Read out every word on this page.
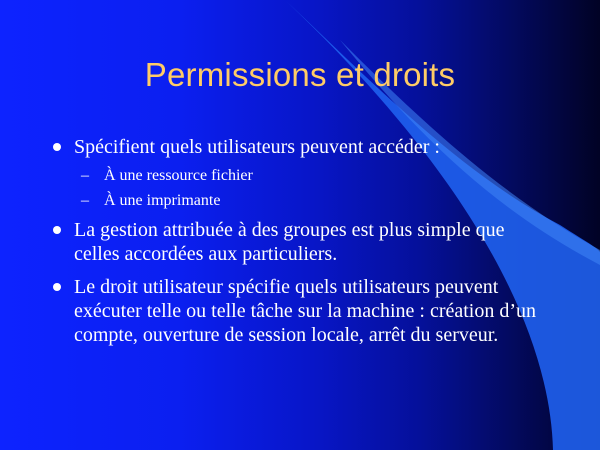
Permissions et droits
Spécifient quels utilisateurs peuvent accéder :
– À une ressource fichier
– À une imprimante
La gestion attribuée à des groupes est plus simple que celles accordées aux particuliers.
Le droit utilisateur spécifie quels utilisateurs peuvent exécuter telle ou telle tâche sur la machine : création d’un compte, ouverture de session locale, arrêt du serveur.
